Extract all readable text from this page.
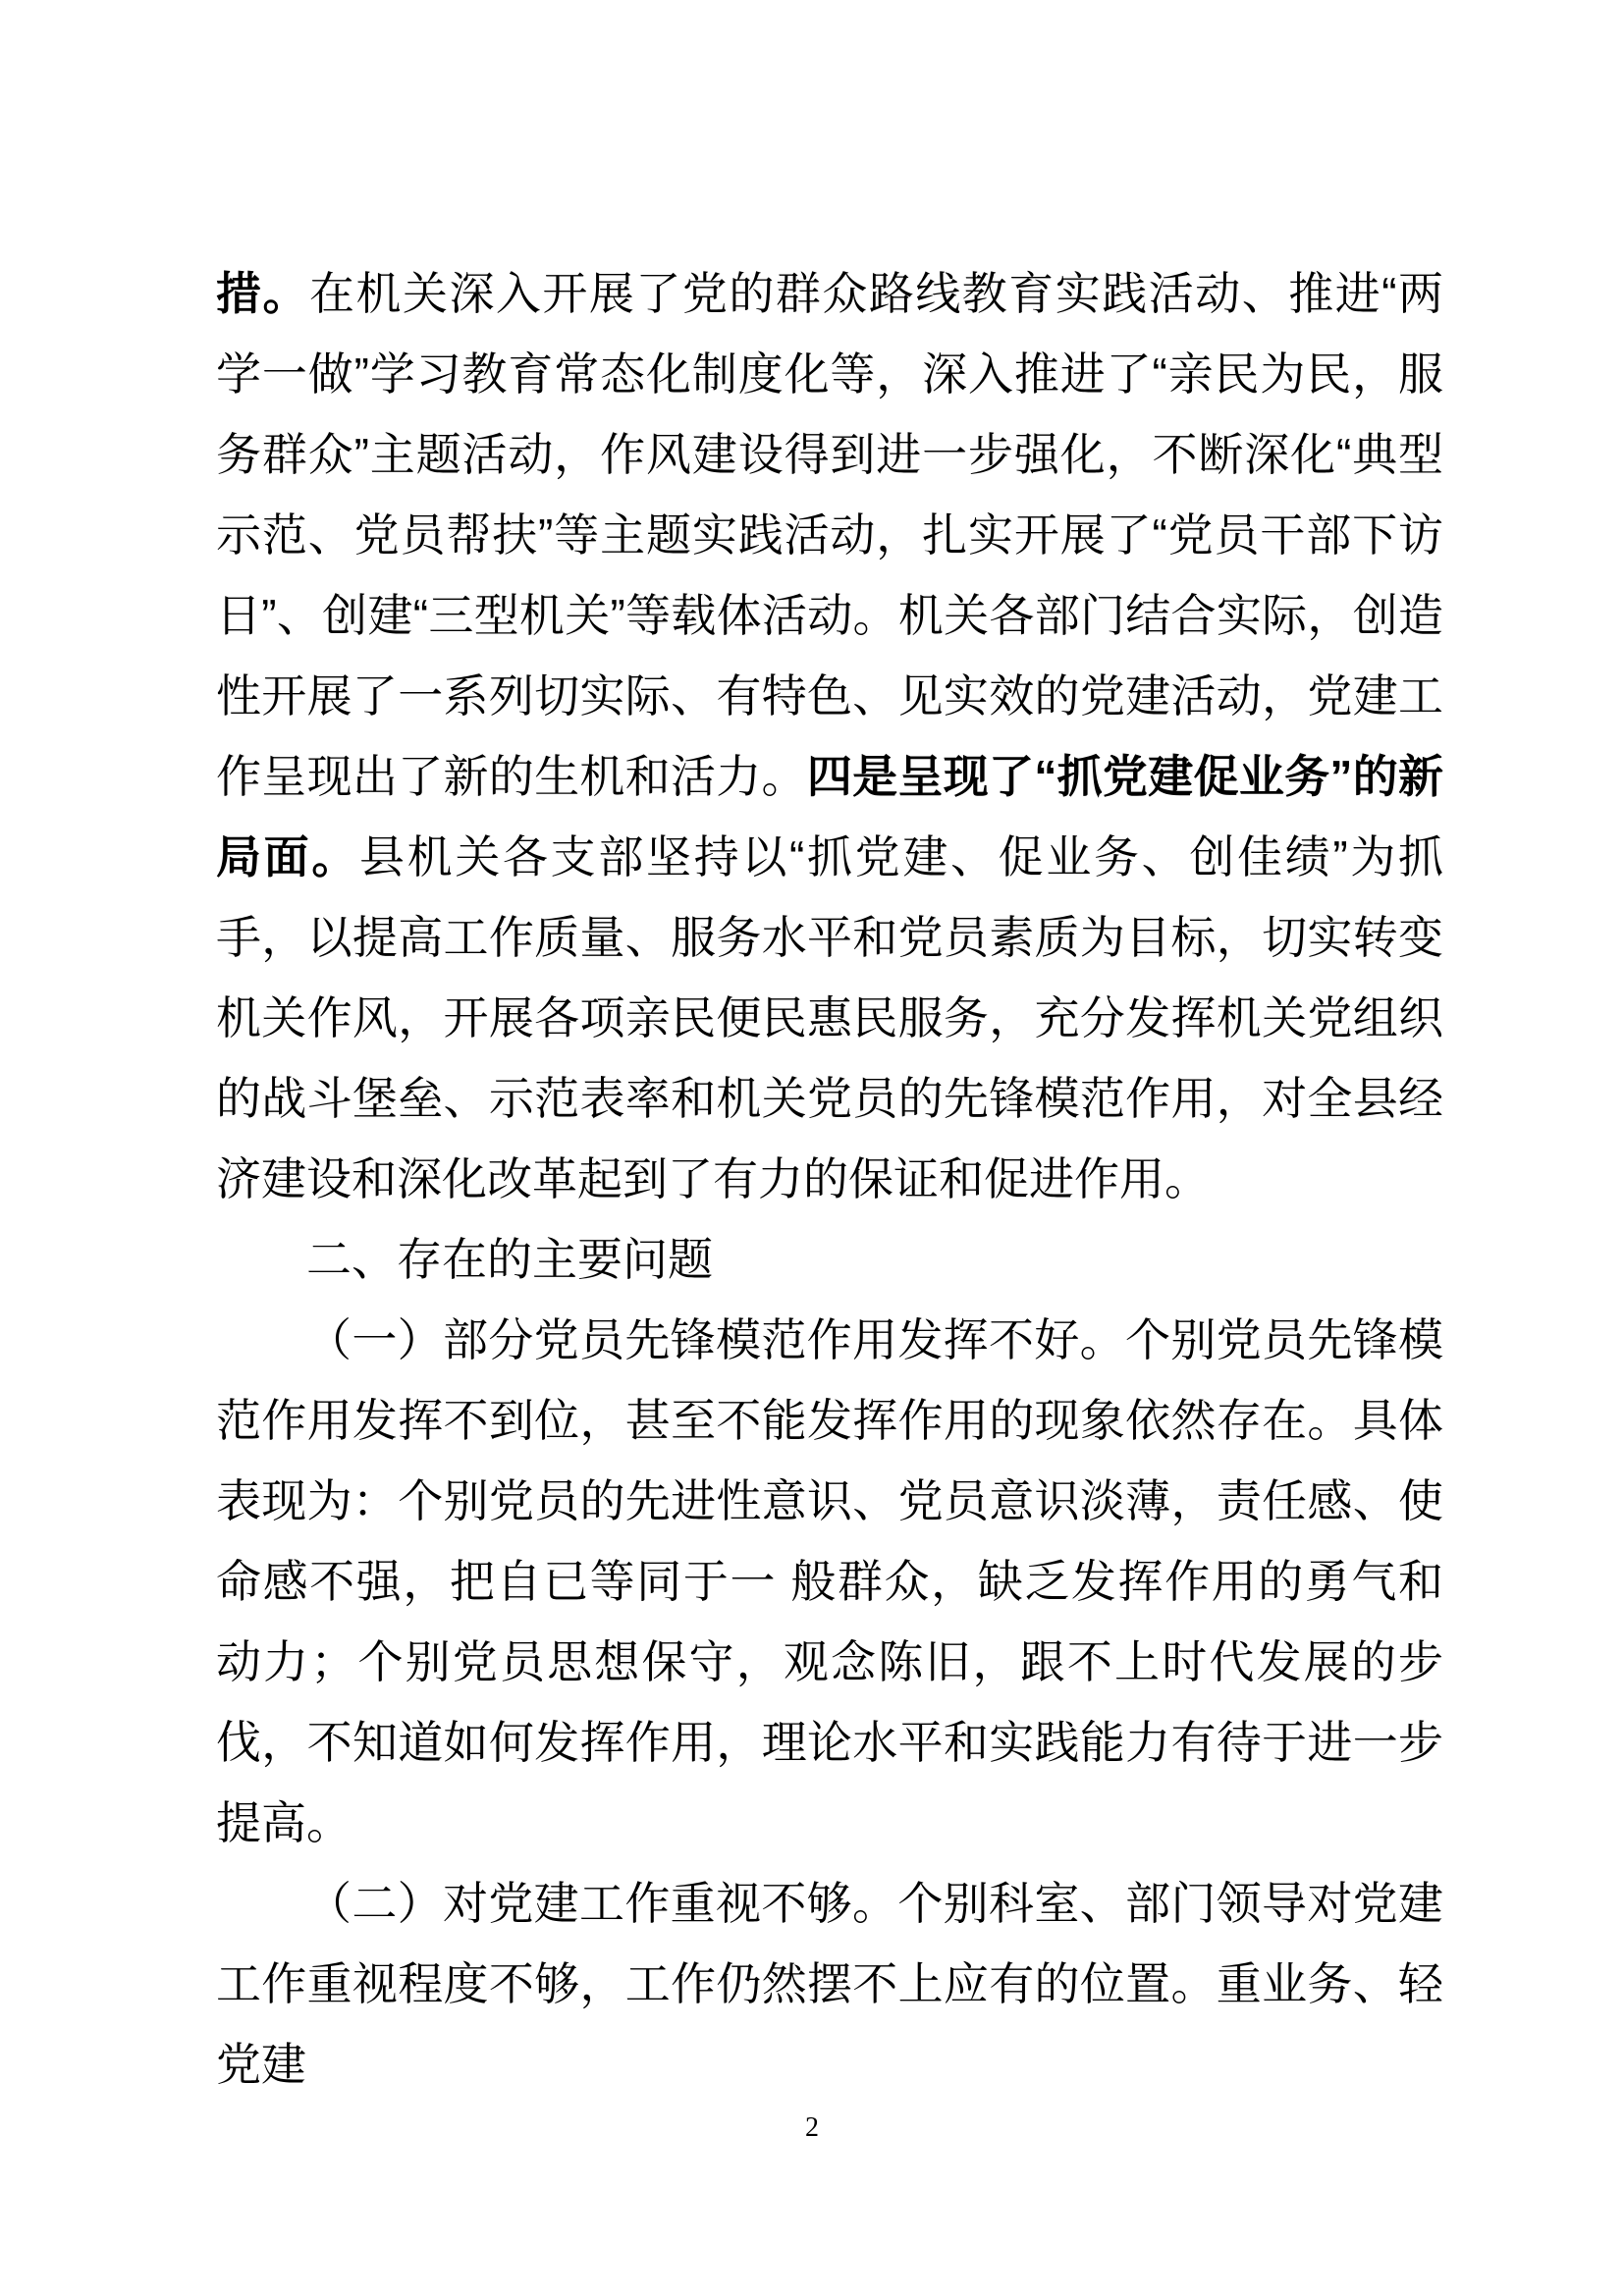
措。在机关深入开展了党的群众路线教育实践活动、推进“两学一做”学习教育常态化制度化等，深入推进了“亲民为民，服务群众”主题活动，作风建设得到进一步强化，不断深化“典型示范、党员帮扶”等主题实践活动，扎实开展了“党员干部下访日”、创建“三型机关”等载体活动。机关各部门结合实际，创造性开展了一系列切实际、有特色、见实效的党建活动，党建工作呈现出了新的生机和活力。四是呈现了“抓党建促业务”的新局面。县机关各支部坚持以“抓党建、促业务、创佳绩”为抓手，以提高工作质量、服务水平和党员素质为目标，切实转变机关作风，开展各项亲民便民惠民服务，充分发挥机关党组织的战斗堡垒、示范表率和机关党员的先锋模范作用，对全县经济建设和深化改革起到了有力的保证和促进作用。

二、存在的主要问题

（一）部分党员先锋模范作用发挥不好。个别党员先锋模范作用发挥不到位，甚至不能发挥作用的现象依然存在。具体表现为：个别党员的先进性意识、党员意识淡薄，责任感、使命感不强，把自已等同于一 般群众，缺乏发挥作用的勇气和动力；个别党员思想保守，观念陈旧，跟不上时代发展的步伐，不知道如何发挥作用，理论水平和实践能力有待于进一步提高。

（二）对党建工作重视不够。个别科室、部门领导对党建工作重视程度不够，工作仍然摆不上应有的位置。重业务、轻党建

2
